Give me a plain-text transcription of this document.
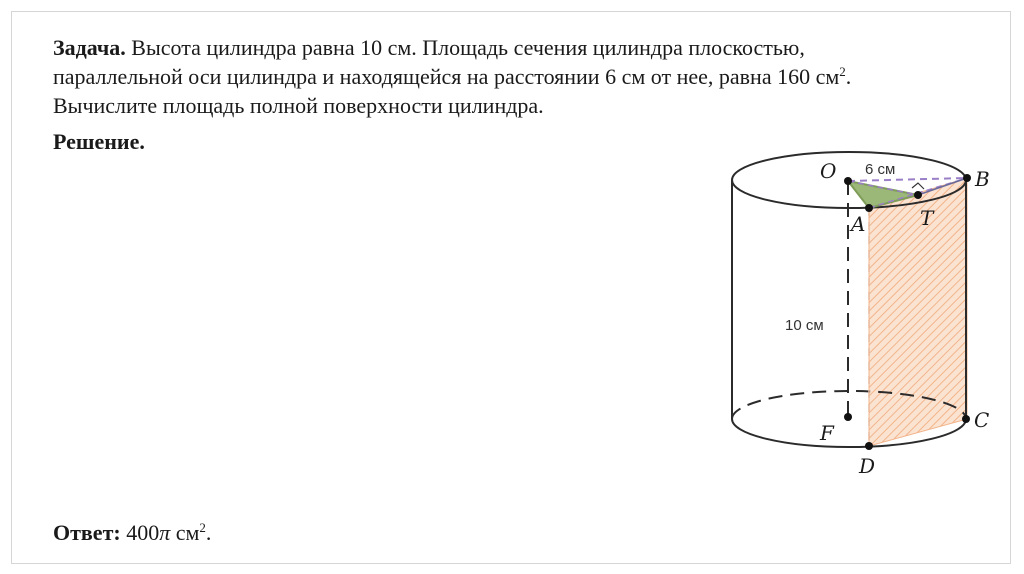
Задача. Высота цилиндра равна 10 см. Площадь сечения цилиндра плоскостью,
параллельной оси цилиндра и находящейся на расстоянии 6 см от нее, равна 160 $см^2$.
Вычислите площадь полной поверхности цилиндра.
Решение.
O	B
A	T
F
C
D
6 см
10 см
Ответ: 400π $см^2$.
